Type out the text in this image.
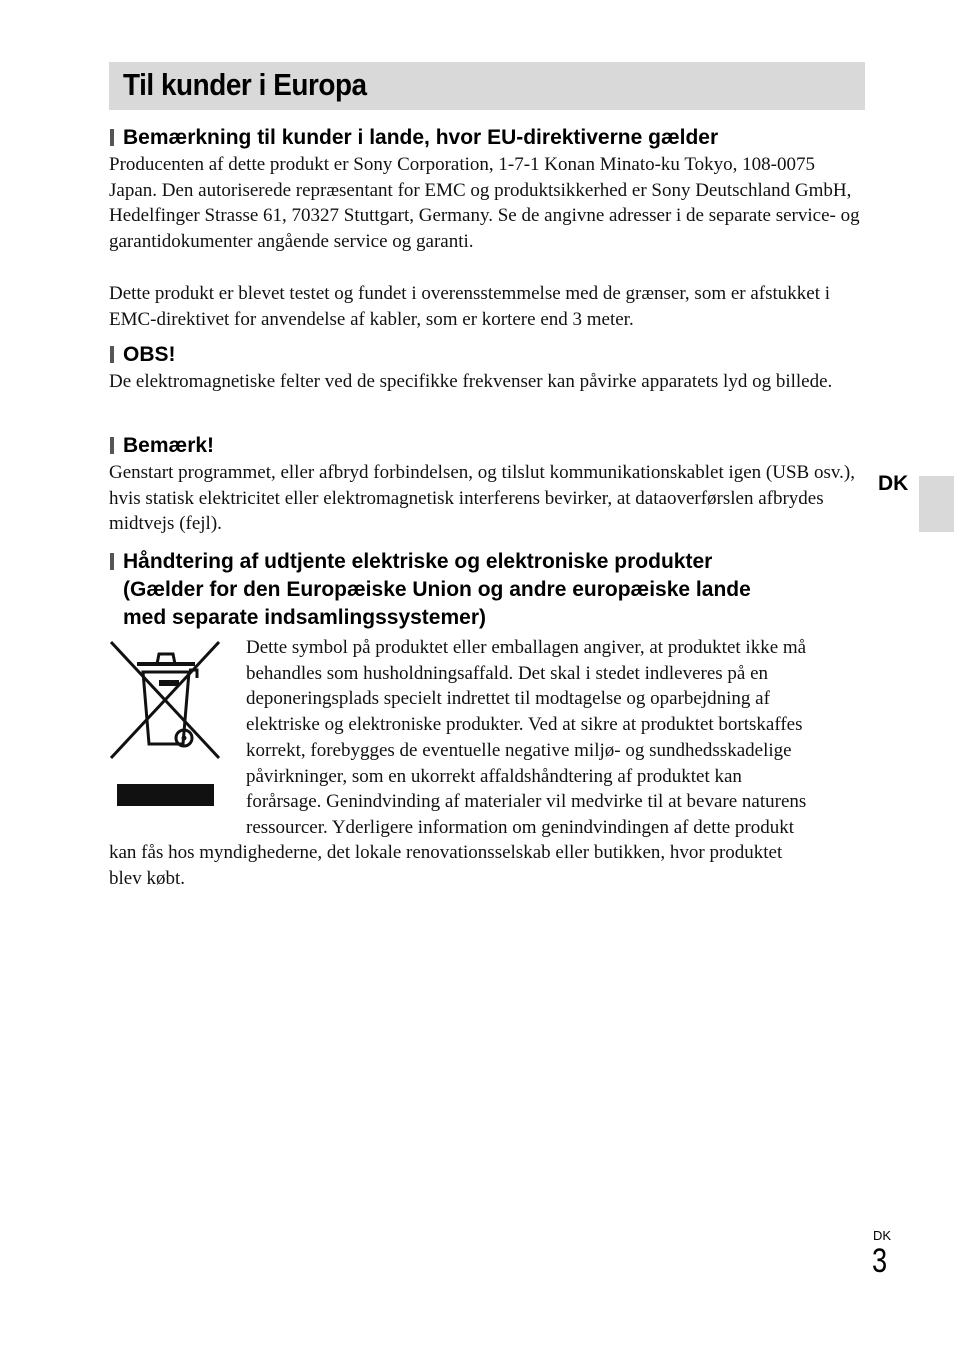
Til kunder i Europa
Bemærkning til kunder i lande, hvor EU-direktiverne gælder

Producenten af dette produkt er Sony Corporation, 1-7-1 Konan Minato-ku Tokyo, 108-0075 Japan. Den autoriserede repræsentant for EMC og produktsikkerhed er Sony Deutschland GmbH, Hedelfinger Strasse 61, 70327 Stuttgart, Germany. Se de angivne adresser i de separate service- og garantidokumenter angående service og garanti.

Dette produkt er blevet testet og fundet i overensstemmelse med de grænser, som er afstukket i EMC-direktivet for anvendelse af kabler, som er kortere end 3 meter.

OBS!

De elektromagnetiske felter ved de specifikke frekvenser kan påvirke apparatets lyd og billede.

Bemærk!

Genstart programmet, eller afbryd forbindelsen, og tilslut kommunikationskablet igen (USB osv.), hvis statisk elektricitet eller elektromagnetisk interferens bevirker, at dataoverførslen afbrydes midtvejs (fejl).

Håndtering af udtjente elektriske og elektroniske produkter
(Gælder for den Europæiske Union og andre europæiske lande
med separate indsamlingssystemer)

Dette symbol på produktet eller emballagen angiver, at produktet ikke må

behandles som husholdningsaffald. Det skal i stedet indleveres på en

deponeringsplads specielt indrettet til modtagelse og oparbejdning af

elektriske og elektroniske produkter. Ved at sikre at produktet bortskaffes

korrekt, forebygges de eventuelle negative miljø- og sundhedsskadelige

påvirkninger, som en ukorrekt affaldshåndtering af produktet kan

forårsage. Genindvinding af materialer vil medvirke til at bevare naturens

ressourcer. Yderligere information om genindvindingen af dette produkt

kan fås hos myndighederne, det lokale renovationsselskab eller butikken, hvor produktet

blev købt.

DK
DK
3
